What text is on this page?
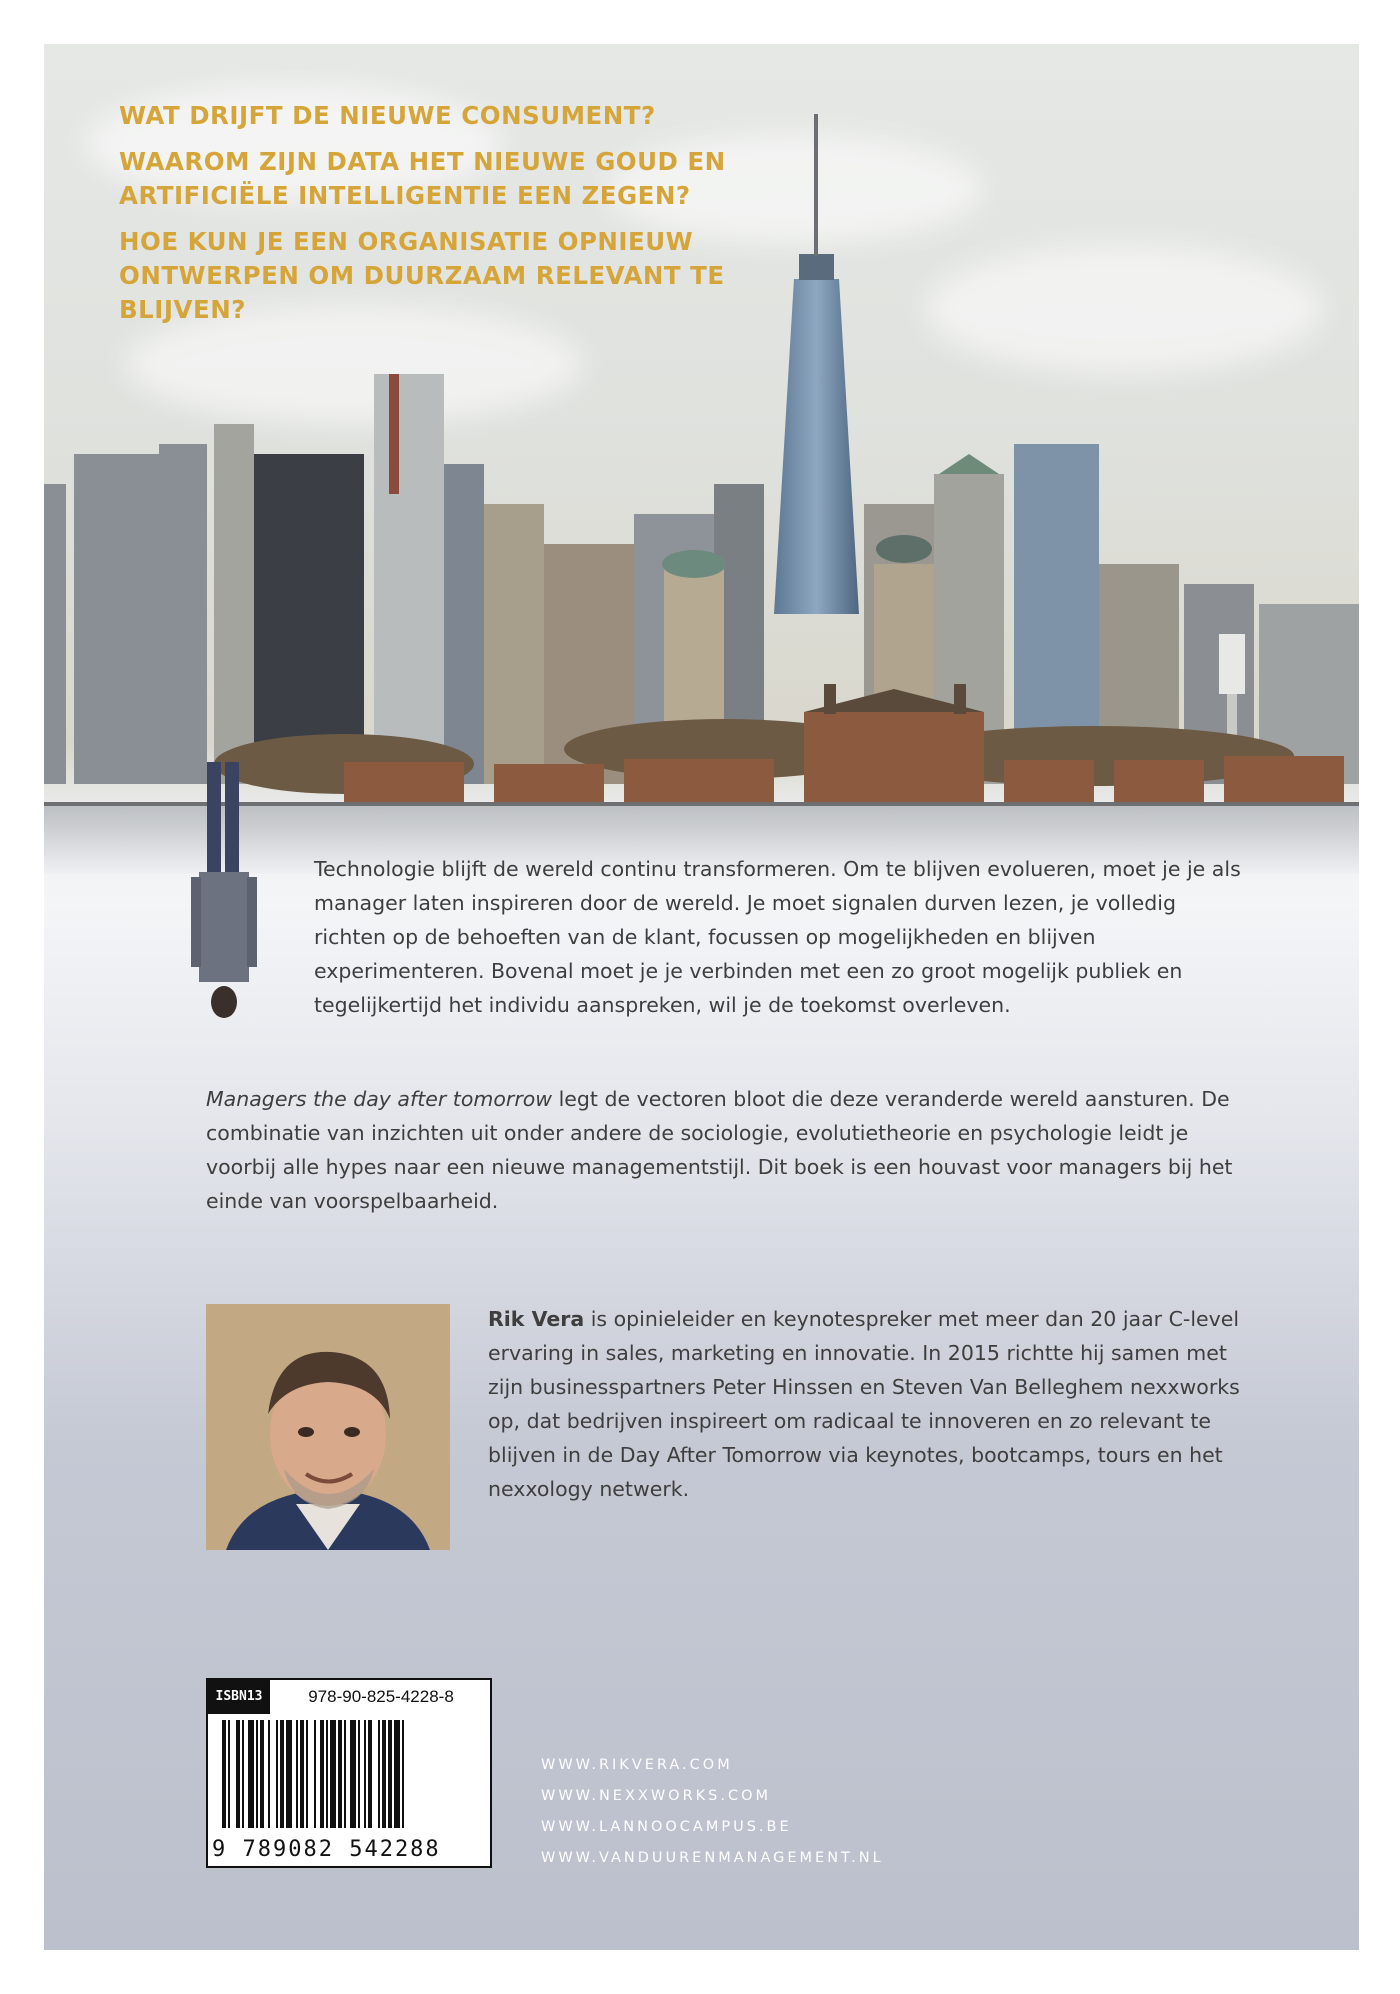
WAT DRIJFT DE NIEUWE CONSUMENT?
WAAROM ZIJN DATA HET NIEUWE GOUD EN ARTIFICIËLE INTELLIGENTIE EEN ZEGEN?
HOE KUN JE EEN ORGANISATIE OPNIEUW ONTWERPEN OM DUURZAAM RELEVANT TE BLIJVEN?
Technologie blijft de wereld continu transformeren. Om te blijven evolueren, moet je je als manager laten inspireren door de wereld. Je moet signalen durven lezen, je volledig richten op de behoeften van de klant, focussen op mogelijkheden en blijven experimenteren. Bovenal moet je je verbinden met een zo groot mogelijk publiek en tegelijkertijd het individu aanspreken, wil je de toekomst overleven.
Managers the day after tomorrow legt de vectoren bloot die deze veranderde wereld aansturen. De combinatie van inzichten uit onder andere de sociologie, evolutietheorie en psychologie leidt je voorbij alle hypes naar een nieuwe managementstijl. Dit boek is een houvast voor managers bij het einde van voorspelbaarheid.
Rik Vera is opinieleider en keynotespreker met meer dan 20 jaar C-level ervaring in sales, marketing en innovatie. In 2015 richtte hij samen met zijn businesspartners Peter Hinssen en Steven Van Belleghem nexxworks op, dat bedrijven inspireert om radicaal te innoveren en zo relevant te blijven in de Day After Tomorrow via keynotes, bootcamps, tours en het nexxology netwerk.
ISBN13	978-90-825-4228-8
9 789082 542288
WWW.RIKVERA.COM
WWW.NEXXWORKS.COM
WWW.LANNOOCAMPUS.BE
WWW.VANDUURENMANAGEMENT.NL
